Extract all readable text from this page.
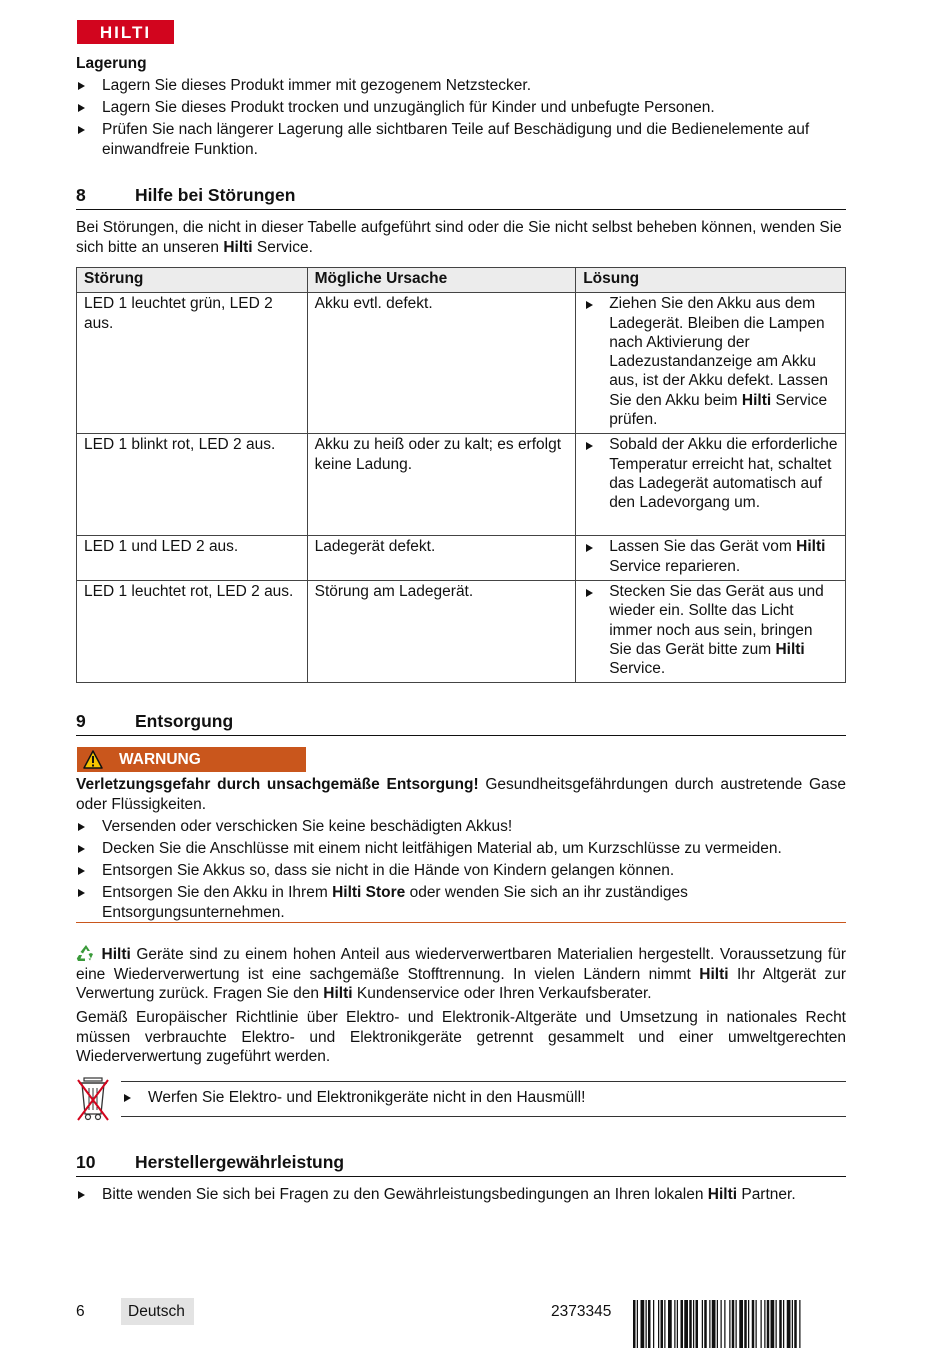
HILTI
Lagerung
Lagern Sie dieses Produkt immer mit gezogenem Netzstecker.
Lagern Sie dieses Produkt trocken und unzugänglich für Kinder und unbefugte Personen.
Prüfen Sie nach längerer Lagerung alle sichtbaren Teile auf Beschädigung und die Bedienelemente auf einwandfreie Funktion.
8	Hilfe bei Störungen
Bei Störungen, die nicht in dieser Tabelle aufgeführt sind oder die Sie nicht selbst beheben können, wenden Sie sich bitte an unseren Hilti Service.
Störung	Mögliche Ursache	Lösung
LED 1 leuchtet grün, LED 2 aus.	Akku evtl. defekt.	Ziehen Sie den Akku aus dem Ladegerät. Bleiben die Lampen nach Aktivierung der Ladezustandanzeige am Akku aus, ist der Akku defekt. Lassen Sie den Akku beim Hilti Service prüfen.
LED 1 blinkt rot, LED 2 aus.	Akku zu heiß oder zu kalt; es erfolgt keine Ladung.	Sobald der Akku die erforderliche Temperatur erreicht hat, schaltet das Ladegerät automatisch auf den Ladevorgang um.
LED 1 und LED 2 aus.	Ladegerät defekt.	Lassen Sie das Gerät vom Hilti Service reparieren.
LED 1 leuchtet rot, LED 2 aus.	Störung am Ladegerät.	Stecken Sie das Gerät aus und wieder ein. Sollte das Licht immer noch aus sein, bringen Sie das Gerät bitte zum Hilti Service.
9	Entsorgung
WARNUNG
Verletzungsgefahr durch unsachgemäße Entsorgung! Gesundheitsgefährdungen durch austretende Gase oder Flüssigkeiten.
Versenden oder verschicken Sie keine beschädigten Akkus!
Decken Sie die Anschlüsse mit einem nicht leitfähigen Material ab, um Kurzschlüsse zu vermeiden.
Entsorgen Sie Akkus so, dass sie nicht in die Hände von Kindern gelangen können.
Entsorgen Sie den Akku in Ihrem Hilti Store oder wenden Sie sich an ihr zuständiges Entsorgungsunternehmen.
Hilti Geräte sind zu einem hohen Anteil aus wiederverwertbaren Materialien hergestellt. Voraussetzung für eine Wiederverwertung ist eine sachgemäße Stofftrennung. In vielen Ländern nimmt Hilti Ihr Altgerät zur Verwertung zurück. Fragen Sie den Hilti Kundenservice oder Ihren Verkaufsberater.
Gemäß Europäischer Richtlinie über Elektro- und Elektronik-Altgeräte und Umsetzung in nationales Recht müssen verbrauchte Elektro- und Elektronikgeräte getrennt gesammelt und einer umweltgerechten Wiederverwertung zugeführt werden.
Werfen Sie Elektro- und Elektronikgeräte nicht in den Hausmüll!
10 Herstellergewährleistung
Bitte wenden Sie sich bei Fragen zu den Gewährleistungsbedingungen an Ihren lokalen Hilti Partner.
6	Deutsch	2373345
